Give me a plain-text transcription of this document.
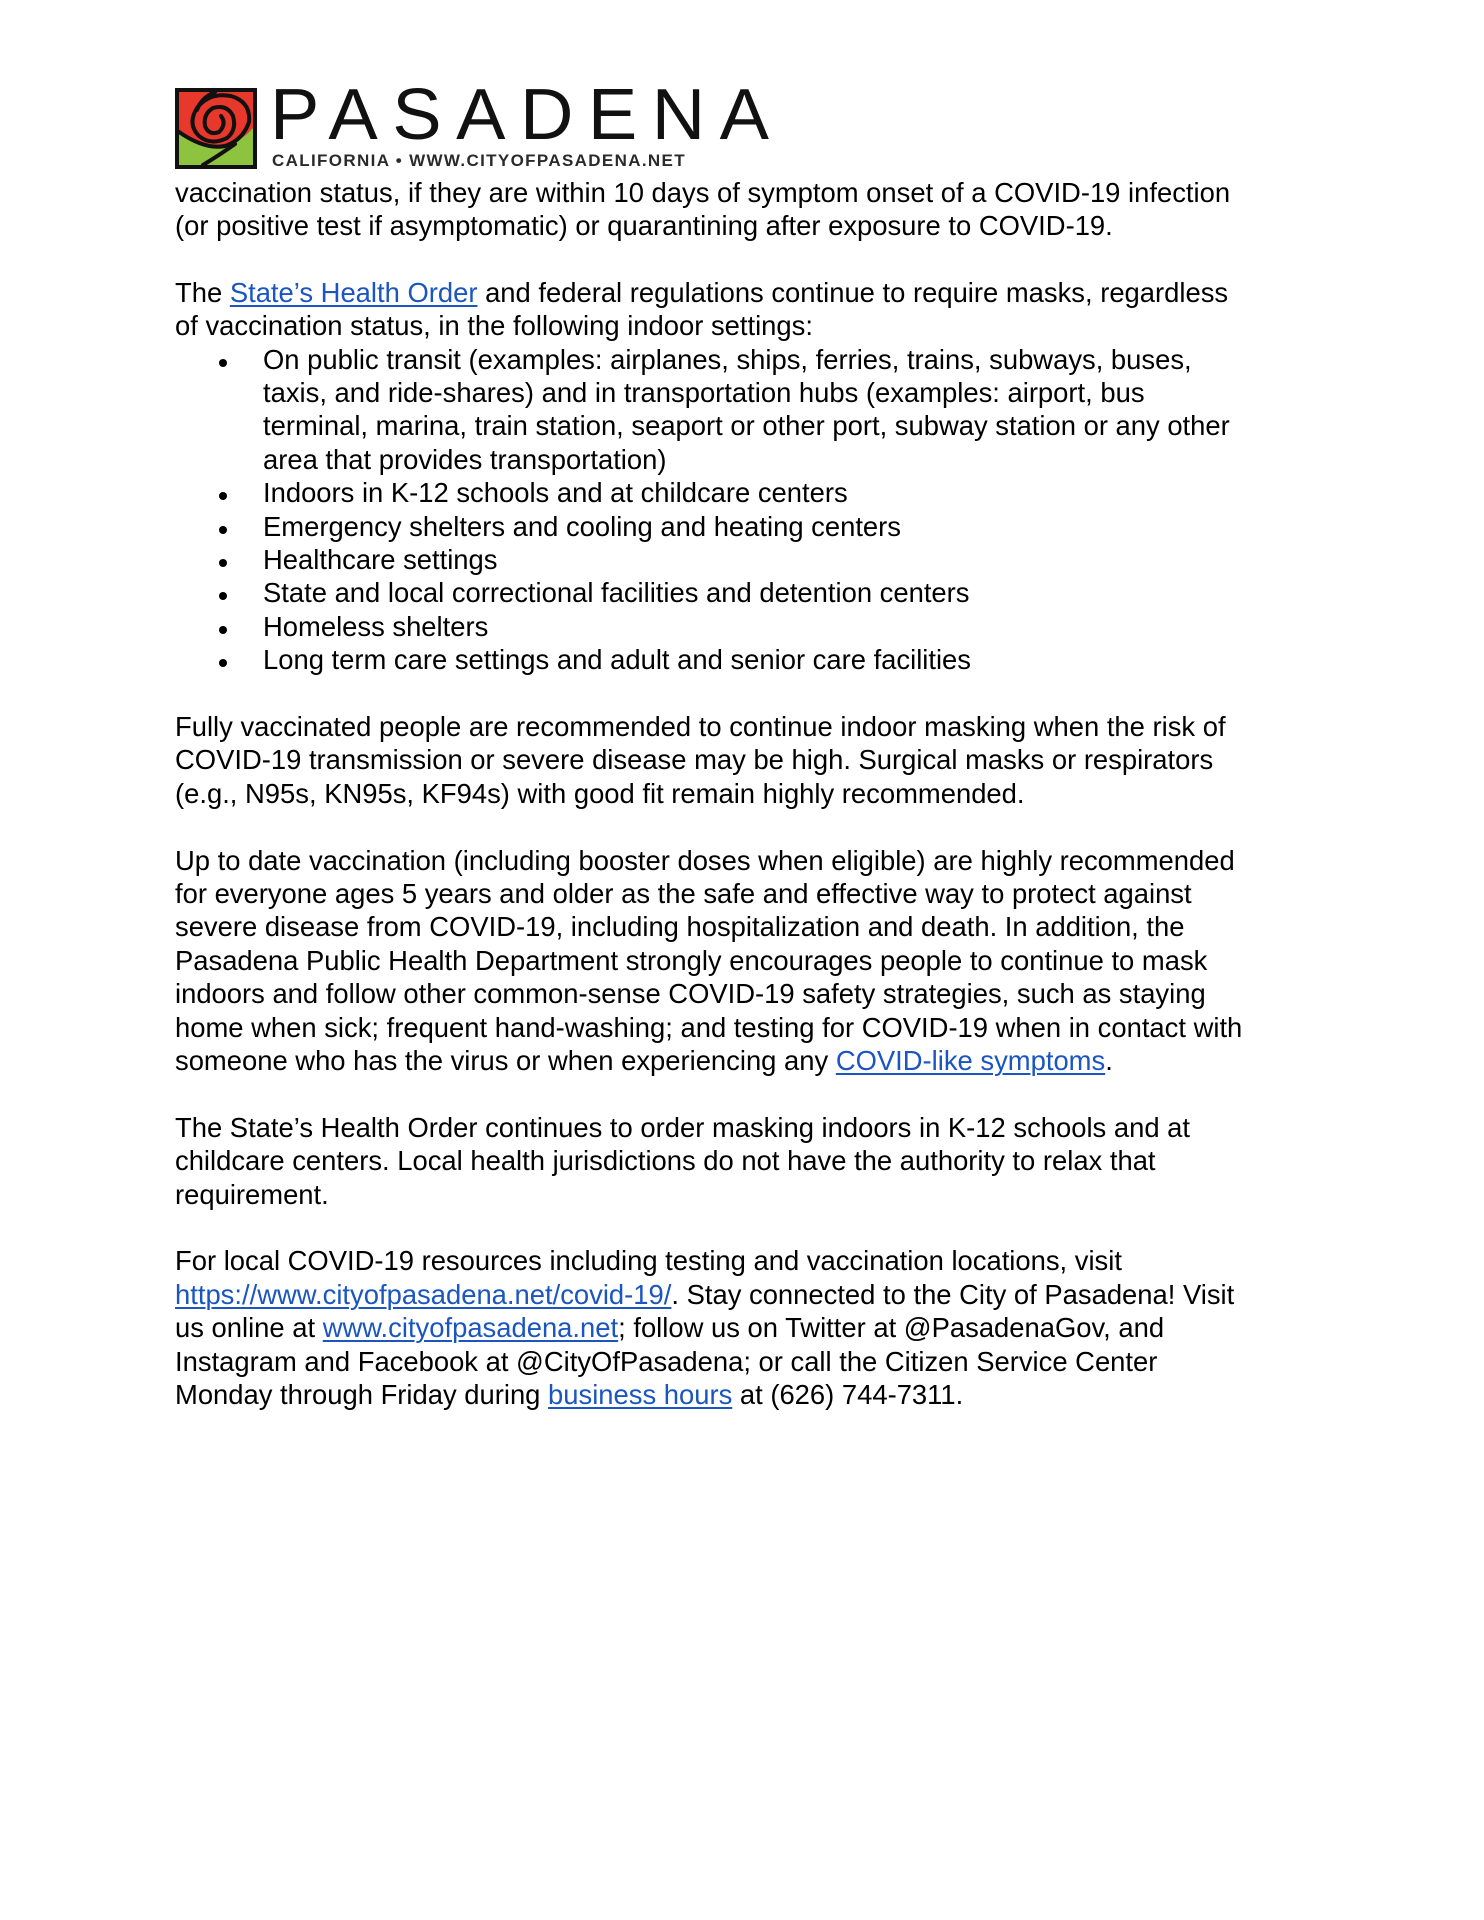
PASADENA
CALIFORNIA • WWW.CITYOFPASADENA.NET
vaccination status, if they are within 10 days of symptom onset of a COVID-19 infection
(or positive test if asymptomatic) or quarantining after exposure to COVID-19.
The State’s Health Order and federal regulations continue to require masks, regardless
of vaccination status, in the following indoor settings:
On public transit (examples: airplanes, ships, ferries, trains, subways, buses,
taxis, and ride-shares) and in transportation hubs (examples: airport, bus
terminal, marina, train station, seaport or other port, subway station or any other
area that provides transportation)
Indoors in K-12 schools and at childcare centers
Emergency shelters and cooling and heating centers
Healthcare settings
State and local correctional facilities and detention centers
Homeless shelters
Long term care settings and adult and senior care facilities
Fully vaccinated people are recommended to continue indoor masking when the risk of
COVID-19 transmission or severe disease may be high. Surgical masks or respirators
(e.g., N95s, KN95s, KF94s) with good fit remain highly recommended.
Up to date vaccination (including booster doses when eligible) are highly recommended
for everyone ages 5 years and older as the safe and effective way to protect against
severe disease from COVID-19, including hospitalization and death. In addition, the
Pasadena Public Health Department strongly encourages people to continue to mask
indoors and follow other common-sense COVID-19 safety strategies, such as staying
home when sick; frequent hand-washing; and testing for COVID-19 when in contact with
someone who has the virus or when experiencing any COVID-like symptoms.
The State’s Health Order continues to order masking indoors in K-12 schools and at
childcare centers. Local health jurisdictions do not have the authority to relax that
requirement.
For local COVID-19 resources including testing and vaccination locations, visit
https://www.cityofpasadena.net/covid-19/. Stay connected to the City of Pasadena! Visit
us online at www.cityofpasadena.net; follow us on Twitter at @PasadenaGov, and
Instagram and Facebook at @CityOfPasadena; or call the Citizen Service Center
Monday through Friday during business hours at (626) 744-7311.
